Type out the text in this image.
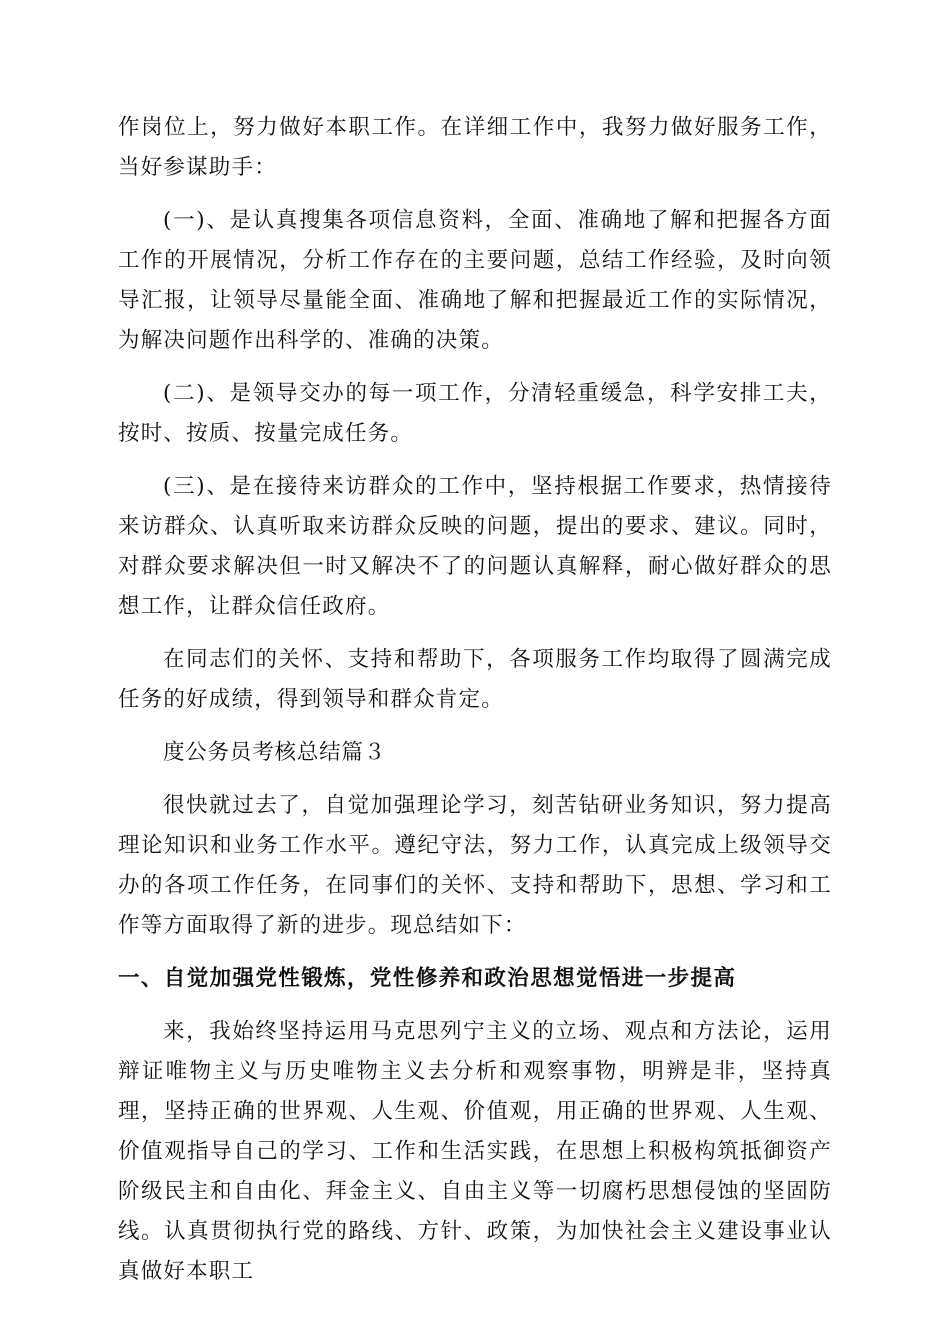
作岗位上，努力做好本职工作。在详细工作中，我努力做好服务工作，当好参谋助手：

(一)、是认真搜集各项信息资料，全面、准确地了解和把握各方面工作的开展情况，分析工作存在的主要问题，总结工作经验，及时向领导汇报，让领导尽量能全面、准确地了解和把握最近工作的实际情况，为解决问题作出科学的、准确的决策。

(二)、是领导交办的每一项工作，分清轻重缓急，科学安排工夫，按时、按质、按量完成任务。

(三)、是在接待来访群众的工作中，坚持根据工作要求，热情接待来访群众、认真听取来访群众反映的问题，提出的要求、建议。同时，对群众要求解决但一时又解决不了的问题认真解释，耐心做好群众的思想工作，让群众信任政府。

在同志们的关怀、支持和帮助下，各项服务工作均取得了圆满完成任务的好成绩，得到领导和群众肯定。

度公务员考核总结篇３

很快就过去了，自觉加强理论学习，刻苦钻研业务知识，努力提高理论知识和业务工作水平。遵纪守法，努力工作，认真完成上级领导交办的各项工作任务，在同事们的关怀、支持和帮助下，思想、学习和工作等方面取得了新的进步。现总结如下：

一、自觉加强党性锻炼，党性修养和政治思想觉悟进一步提高

来，我始终坚持运用马克思列宁主义的立场、观点和方法论，运用辩证唯物主义与历史唯物主义去分析和观察事物，明辨是非，坚持真理，坚持正确的世界观、人生观、价值观，用正确的世界观、人生观、价值观指导自己的学习、工作和生活实践，在思想上积极构筑抵御资产阶级民主和自由化、拜金主义、自由主义等一切腐朽思想侵蚀的坚固防线。认真贯彻执行党的路线、方针、政策，为加快社会主义建设事业认真做好本职工
